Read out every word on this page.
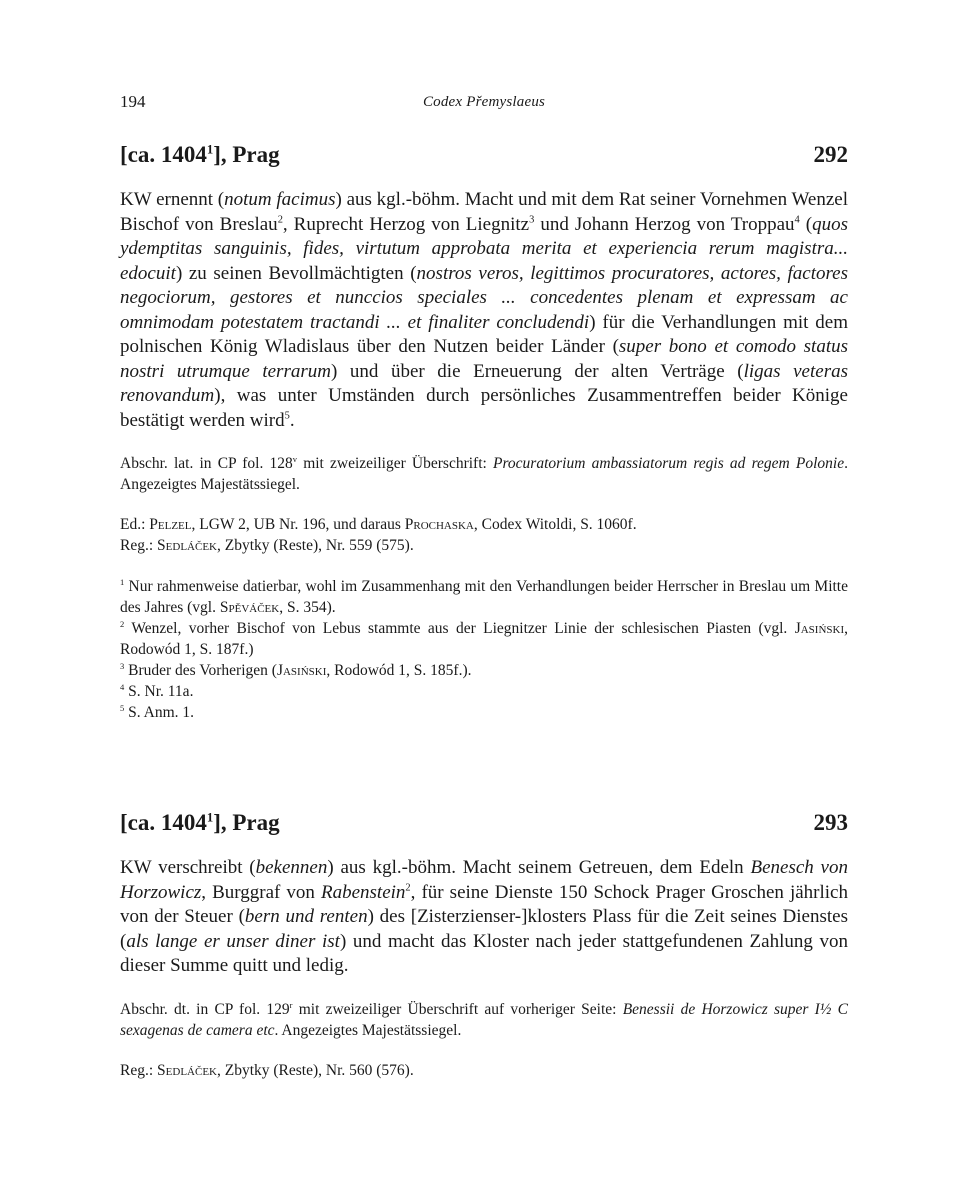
194	Codex Přemyslaeus
[ca. 1404$^1$], Prag	292

KW ernennt (notum facimus) aus kgl.-böhm. Macht und mit dem Rat seiner Vornehmen Wenzel Bischof von Breslau$^2$, Ruprecht Herzog von Liegnitz$^3$ und Johann Herzog von Troppau$^4$ (quos ydemptitas sanguinis, fides, virtutum approbata merita et experiencia rerum magistra... edocuit) zu seinen Bevollmächtigten (nostros veros, legittimos procuratores, actores, factores negociorum, gestores et nunccios speciales ... concedentes plenam et expressam ac omnimodam potestatem tractandi ... et finaliter concludendi) für die Verhandlungen mit dem polnischen König Wladislaus über den Nutzen beider Länder (super bono et comodo status nostri utrumque terrarum) und über die Erneuerung der alten Verträge (ligas veteras renovandum), was unter Umständen durch persönliches Zusammentreffen beider Könige bestätigt werden wird$^5$.

Abschr. lat. in CP fol. 128$^v$ mit zweizeiliger Überschrift: Procuratorium ambassiatorum regis ad regem Polonie. Angezeigtes Majestätssiegel.

Ed.: Pelzel, LGW 2, UB Nr. 196, und daraus Prochaska, Codex Witoldi, S. 1060f.

Reg.: Sedláček, Zbytky (Reste), Nr. 559 (575).

$^1$ Nur rahmenweise datierbar, wohl im Zusammenhang mit den Verhandlungen beider Herrscher in Breslau um Mitte des Jahres (vgl. Spěváček, S. 354).

$^2$ Wenzel, vorher Bischof von Lebus stammte aus der Liegnitzer Linie der schlesischen Piasten (vgl. Jasiński, Rodowód 1, S. 187f.)

$^3$ Bruder des Vorherigen (Jasiński, Rodowód 1, S. 185f.).

$^4$ S. Nr. 11a.

$^5$ S. Anm. 1.

[ca. 1404$^1$], Prag	293

KW verschreibt (bekennen) aus kgl.-böhm. Macht seinem Getreuen, dem Edeln Benesch von Horzowicz, Burggraf von Rabenstein$^2$, für seine Dienste 150 Schock Prager Groschen jährlich von der Steuer (bern und renten) des [Zisterzienser-]klosters Plass für die Zeit seines Dienstes (als lange er unser diner ist) und macht das Kloster nach jeder stattgefundenen Zahlung von dieser Summe quitt und ledig.

Abschr. dt. in CP fol. 129$^r$ mit zweizeiliger Überschrift auf vorheriger Seite: Benessii de Horzowicz super I½ C sexagenas de camera etc. Angezeigtes Majestätssiegel.

Reg.: Sedláček, Zbytky (Reste), Nr. 560 (576).
